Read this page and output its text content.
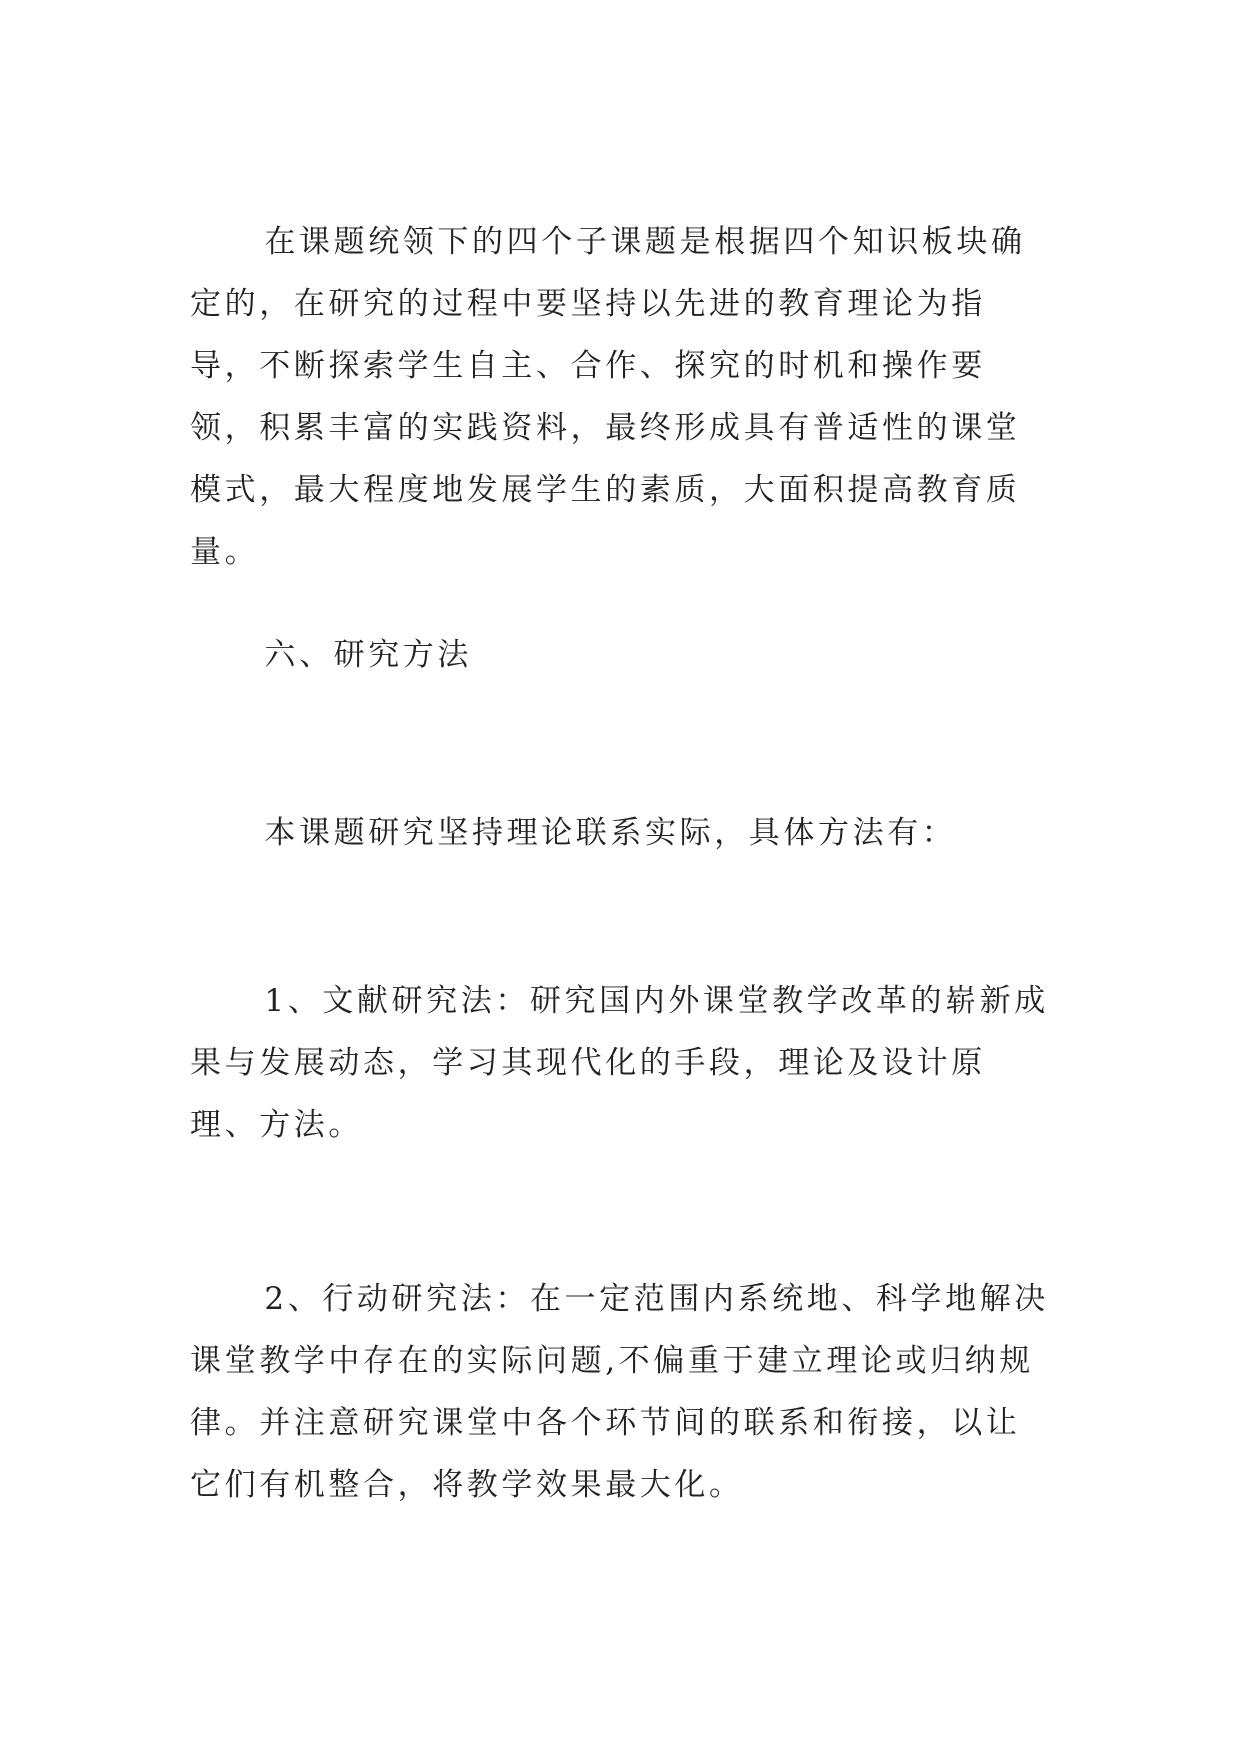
在课题统领下的四个子课题是根据四个知识板块确定的，在研究的过程中要坚持以先进的教育理论为指导，不断探索学生自主、合作、探究的时机和操作要领，积累丰富的实践资料，最终形成具有普适性的课堂模式，最大程度地发展学生的素质，大面积提高教育质量。

六、研究方法

本课题研究坚持理论联系实际，具体方法有：

1、文献研究法：研究国内外课堂教学改革的崭新成果与发展动态，学习其现代化的手段，理论及设计原理、方法。

2、行动研究法：在一定范围内系统地、科学地解决课堂教学中存在的实际问题,不偏重于建立理论或归纳规律。并注意研究课堂中各个环节间的联系和衔接，以让它们有机整合，将教学效果最大化。
